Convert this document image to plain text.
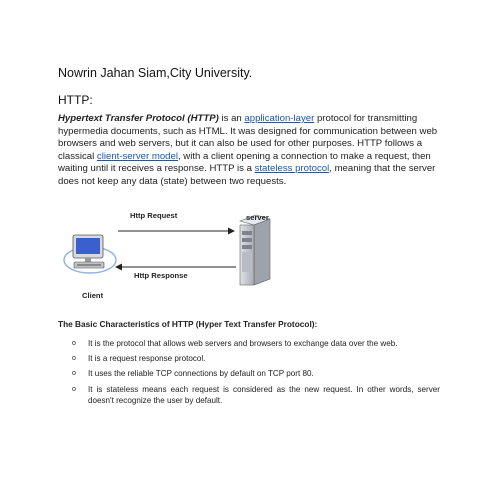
Nowrin Jahan Siam,City University.
HTTP:
Hypertext Transfer Protocol (HTTP) is an application-layer protocol for transmitting hypermedia documents, such as HTML. It was designed for communication between web browsers and web servers, but it can also be used for other purposes. HTTP follows a classical client-server model, with a client opening a connection to make a request, then waiting until it receives a response. HTTP is a stateless protocol, meaning that the server does not keep any data (state) between two requests.
Http Request	server
Http Response
Client
The Basic Characteristics of HTTP (Hyper Text Transfer Protocol):
o It is the protocol that allows web servers and browsers to exchange data over the web.
o It is a request response protocol.
o It uses the reliable TCP connections by default on TCP port 80.
o It is stateless means each request is considered as the new request. In other words, server doesn't recognize the user by default.
